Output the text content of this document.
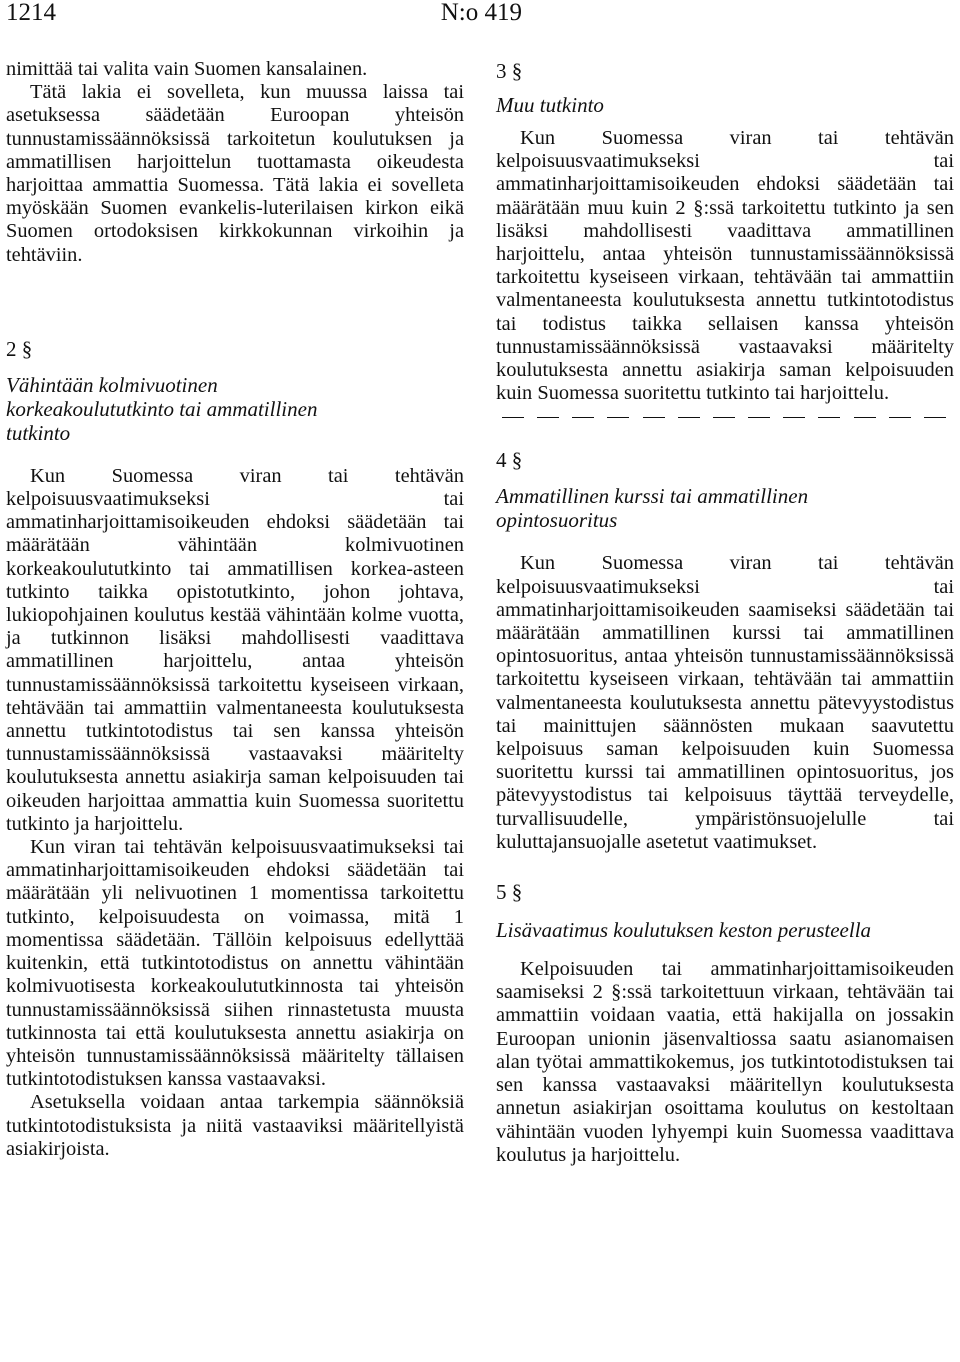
1214	N:o 419

nimittää tai valita vain Suomen kansalainen.

Tätä lakia ei sovelleta, kun muussa laissa tai asetuksessa säädetään Euroopan yhteisön tunnustamissäännöksissä tarkoitetun koulutuksen ja ammatillisen harjoittelun tuottamasta oikeudesta harjoittaa ammattia Suomessa. Tätä lakia ei sovelleta myöskään Suomen evankelis-luterilaisen kirkon eikä Suomen ortodoksisen kirkkokunnan virkoihin ja tehtäviin.

2 §

Vähintään kolmivuotinen
korkeakoulututkinto tai ammatillinen
tutkinto

Kun Suomessa viran tai tehtävän kelpoisuusvaatimukseksi tai ammatinharjoittamisoikeuden ehdoksi säädetään tai määrätään vähintään kolmivuotinen korkeakoulututkinto tai ammatillisen korkea-asteen tutkinto taikka opistotutkinto, johon johtava, lukiopohjainen koulutus kestää vähintään kolme vuotta, ja tutkinnon lisäksi mahdollisesti vaadittava ammatillinen harjoittelu, antaa yhteisön tunnustamissäännöksissä tarkoitettu kyseiseen virkaan, tehtävään tai ammattiin valmentaneesta koulutuksesta annettu tutkintotodistus tai sen kanssa yhteisön tunnustamissäännöksissä vastaavaksi määritelty koulutuksesta annettu asiakirja saman kelpoisuuden tai oikeuden harjoittaa ammattia kuin Suomessa suoritettu tutkinto ja harjoittelu.

Kun viran tai tehtävän kelpoisuusvaatimukseksi tai ammatinharjoittamisoikeuden ehdoksi säädetään tai määrätään yli nelivuotinen 1 momentissa tarkoitettu tutkinto, kelpoisuudesta on voimassa, mitä 1 momentissa säädetään. Tällöin kelpoisuus edellyttää kuitenkin, että tutkintotodistus on annettu vähintään kolmivuotisesta korkeakoulututkinnosta tai yhteisön tunnustamissäännöksissä siihen rinnastetusta muusta tutkinnosta tai että koulutuksesta annettu asiakirja on yhteisön tunnustamissäännöksissä määritelty tällaisen tutkintotodistuksen kanssa vastaavaksi.

Asetuksella voidaan antaa tarkempia säännöksiä tutkintotodistuksista ja niitä vastaaviksi määritellyistä asiakirjoista.

3 §

Muu tutkinto

Kun Suomessa viran tai tehtävän kelpoisuusvaatimukseksi tai ammatinharjoittamisoikeuden ehdoksi säädetään tai määrätään muu kuin 2 §:ssä tarkoitettu tutkinto ja sen lisäksi mahdollisesti vaadittava ammatillinen harjoittelu, antaa yhteisön tunnustamissäännöksissä tarkoitettu kyseiseen virkaan, tehtävään tai ammattiin valmentaneesta koulutuksesta annettu tutkintotodistus tai todistus taikka sellaisen kanssa yhteisön tunnustamissäännöksissä vastaavaksi määritelty koulutuksesta annettu asiakirja saman kelpoisuuden kuin Suomessa suoritettu tutkinto tai harjoittelu.

4 §

Ammatillinen kurssi tai ammatillinen
opintosuoritus

Kun Suomessa viran tai tehtävän kelpoisuusvaatimukseksi tai ammatinharjoittamisoikeuden saamiseksi säädetään tai määrätään ammatillinen kurssi tai ammatillinen opintosuoritus, antaa yhteisön tunnustamissäännöksissä tarkoitettu kyseiseen virkaan, tehtävään tai ammattiin valmentaneesta koulutuksesta annettu pätevyystodistus tai mainittujen säännösten mukaan saavutettu kelpoisuus saman kelpoisuuden kuin Suomessa suoritettu kurssi tai ammatillinen opintosuoritus, jos pätevyystodistus tai kelpoisuus täyttää terveydelle, turvallisuudelle, ympäristönsuojelulle tai kuluttajansuojalle asetetut vaatimukset.

5 §

Lisävaatimus koulutuksen keston perusteella

Kelpoisuuden tai ammatinharjoittamisoikeuden saamiseksi 2 §:ssä tarkoitettuun virkaan, tehtävään tai ammattiin voidaan vaatia, että hakijalla on jossakin Euroopan unionin jäsenvaltiossa saatu asianomaisen alan työtai ammattikokemus, jos tutkintotodistuksen tai sen kanssa vastaavaksi määritellyn koulutuksesta annetun asiakirjan osoittama koulutus on kestoltaan vähintään vuoden lyhyempi kuin Suomessa vaadittava koulutus ja harjoittelu.
